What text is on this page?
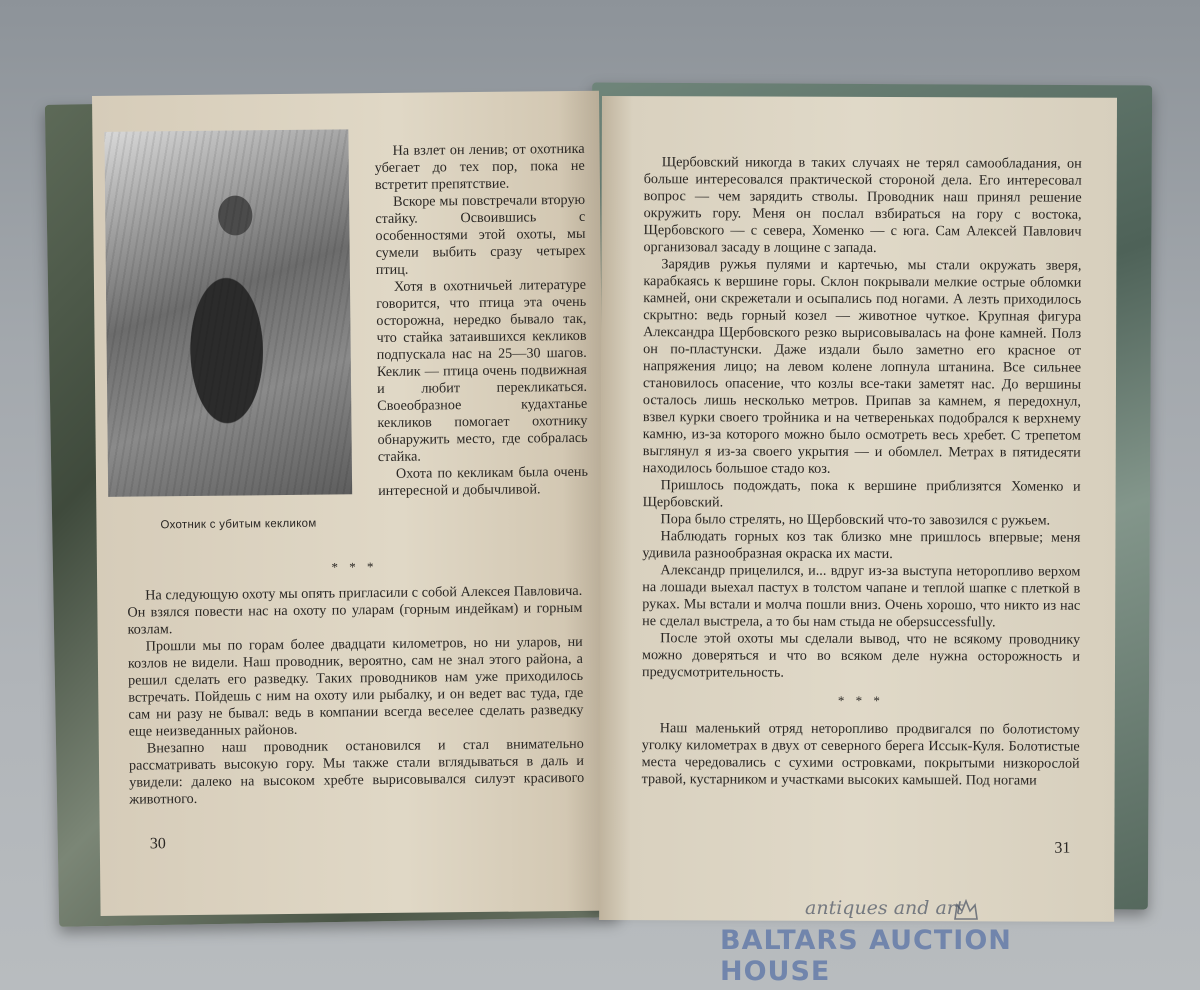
Охотник с убитым кекликом

На взлет он ленив; от охотника убегает до тех пор, пока не встретит препятствие.

Вскоре мы повстречали вторую стайку. Освоившись с особенностями этой охоты, мы сумели выбить сразу четырех птиц.

Хотя в охотничьей литературе говорится, что птица эта очень осторожна, нередко бывало так, что стайка затаившихся кекликов подпускала нас на 25—30 шагов. Кеклик — птица очень подвижная и любит перекликаться. Своеобразное кудахтанье кекликов помогает охотнику обнаружить место, где собралась стайка.

Охота по кекликам была очень интересной и добычливой.

* * *

На следующую охоту мы опять пригласили с собой Алексея Павловича. Он взялся повести нас на охоту по уларам (горным индейкам) и горным козлам.

Прошли мы по горам более двадцати километров, но ни уларов, ни козлов не видели. Наш проводник, вероятно, сам не знал этого района, а решил сделать его разведку. Таких проводников нам уже приходилось встречать. Пойдешь с ним на охоту или рыбалку, и он ведет вас туда, где сам ни разу не бывал: ведь в компании всегда веселее сделать разведку еще неизведанных районов.

Внезапно наш проводник остановился и стал внимательно рассматривать высокую гору. Мы также стали вглядываться в даль и увидели: далеко на высоком хребте вырисовывался силуэт красивого животного.

30

Щербовский никогда в таких случаях не терял самообладания, он больше интересовался практической стороной дела. Его интересовал вопрос — чем зарядить стволы. Проводник наш принял решение окружить гору. Меня он послал взбираться на гору с востока, Щербовского — с севера, Хоменко — с юга. Сам Алексей Павлович организовал засаду в лощине с запада.

Зарядив ружья пулями и картечью, мы стали окружать зверя, карабкаясь к вершине горы. Склон покрывали мелкие острые обломки камней, они скрежетали и осыпались под ногами. А лезть приходилось скрытно: ведь горный козел — животное чуткое. Крупная фигура Александра Щербовского резко вырисовывалась на фоне камней. Полз он по-пластунски. Даже издали было заметно его красное от напряжения лицо; на левом колене лопнула штанина. Все сильнее становилось опасение, что козлы все-таки заметят нас. До вершины осталось лишь несколько метров. Припав за камнем, я передохнул, взвел курки своего тройника и на четвереньках подобрался к верхнему камню, из-за которого можно было осмотреть весь хребет. С трепетом выглянул я из-за своего укрытия — и обомлел. Метрах в пятидесяти находилось большое стадо коз.

Пришлось подождать, пока к вершине приблизятся Хоменко и Щербовский.

Пора было стрелять, но Щербовский что-то завозился с ружьем.

Наблюдать горных коз так близко мне пришлось впервые; меня удивила разнообразная окраска их масти.

Александр прицелился, и... вдруг из-за выступа неторопливо верхом на лошади выехал пастух в толстом чапане и теплой шапке с плеткой в руках. Мы встали и молча пошли вниз. Очень хорошо, что никто из нас не сделал выстрела, а то бы нам стыда не оберsuccessfully.

После этой охоты мы сделали вывод, что не всякому проводнику можно доверяться и что во всяком деле нужна осторожность и предусмотрительность.

* * *

Наш маленький отряд неторопливо продвигался по болотистому уголку километрах в двух от северного берега Иссык-Куля. Болотистые места чередовались с сухими островками, покрытыми низкорослой травой, кустарником и участками высоких камышей. Под ногами

31
antiques and art
BALTARS AUCTION HOUSE
